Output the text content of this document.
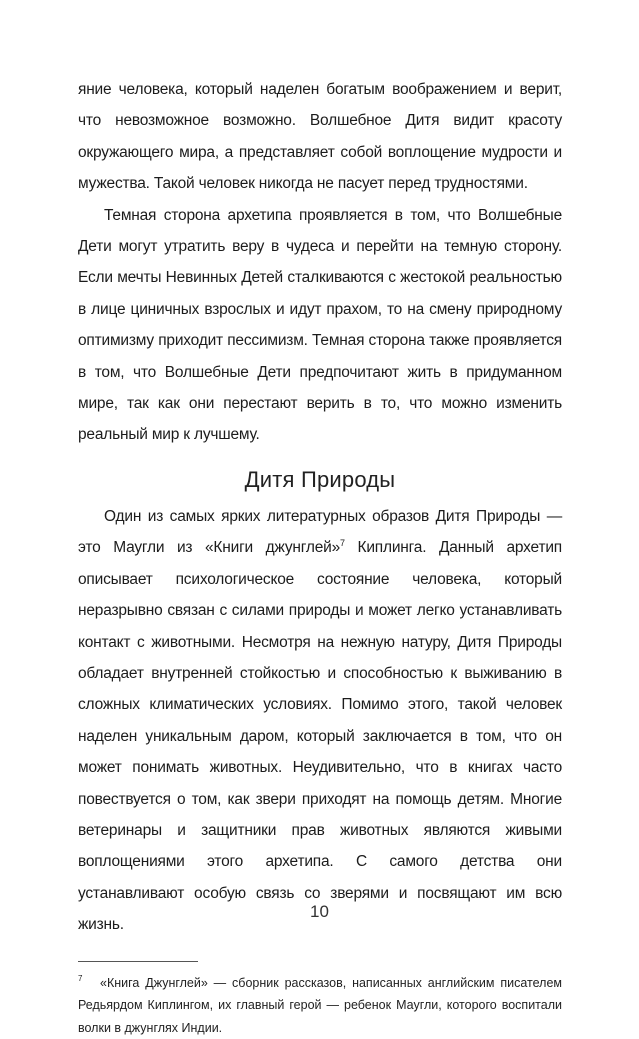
яние человека, который наделен богатым воображением и верит, что невозможное возможно. Волшебное Дитя видит красоту окружающего мира, а представляет собой воплощение мудрости и мужества. Такой человек никогда не пасует перед трудностями.

Темная сторона архетипа проявляется в том, что Волшебные Дети могут утратить веру в чудеса и перейти на темную сторону. Если мечты Невинных Детей сталкиваются с жестокой реальностью в лице циничных взрослых и идут прахом, то на смену природному оптимизму приходит пессимизм. Темная сторона также проявляется в том, что Волшебные Дети предпочитают жить в придуманном мире, так как они перестают верить в то, что можно изменить реальный мир к лучшему.

Дитя Природы

Один из самых ярких литературных образов Дитя Природы — это Маугли из «Книги джунглей»$^7$ Киплинга. Данный архетип описывает психологическое состояние человека, который неразрывно связан с силами природы и может легко устанавливать контакт с животными. Несмотря на нежную натуру, Дитя Природы обладает внутренней стойкостью и способностью к выживанию в сложных климатических условиях. Помимо этого, такой человек наделен уникальным даром, который заключается в том, что он может понимать животных. Неудивительно, что в книгах часто повествуется о том, как звери приходят на помощь детям. Многие ветеринары и защитники прав животных являются живыми воплощениями этого архетипа. С самого детства они устанавливают особую связь со зверями и посвящают им всю жизнь.

7 «Книга Джунглей» — сборник рассказов, написанных английским писателем Редьярдом Киплингом, их главный герой — ребенок Маугли, которого воспитали волки в джунглях Индии.

10
